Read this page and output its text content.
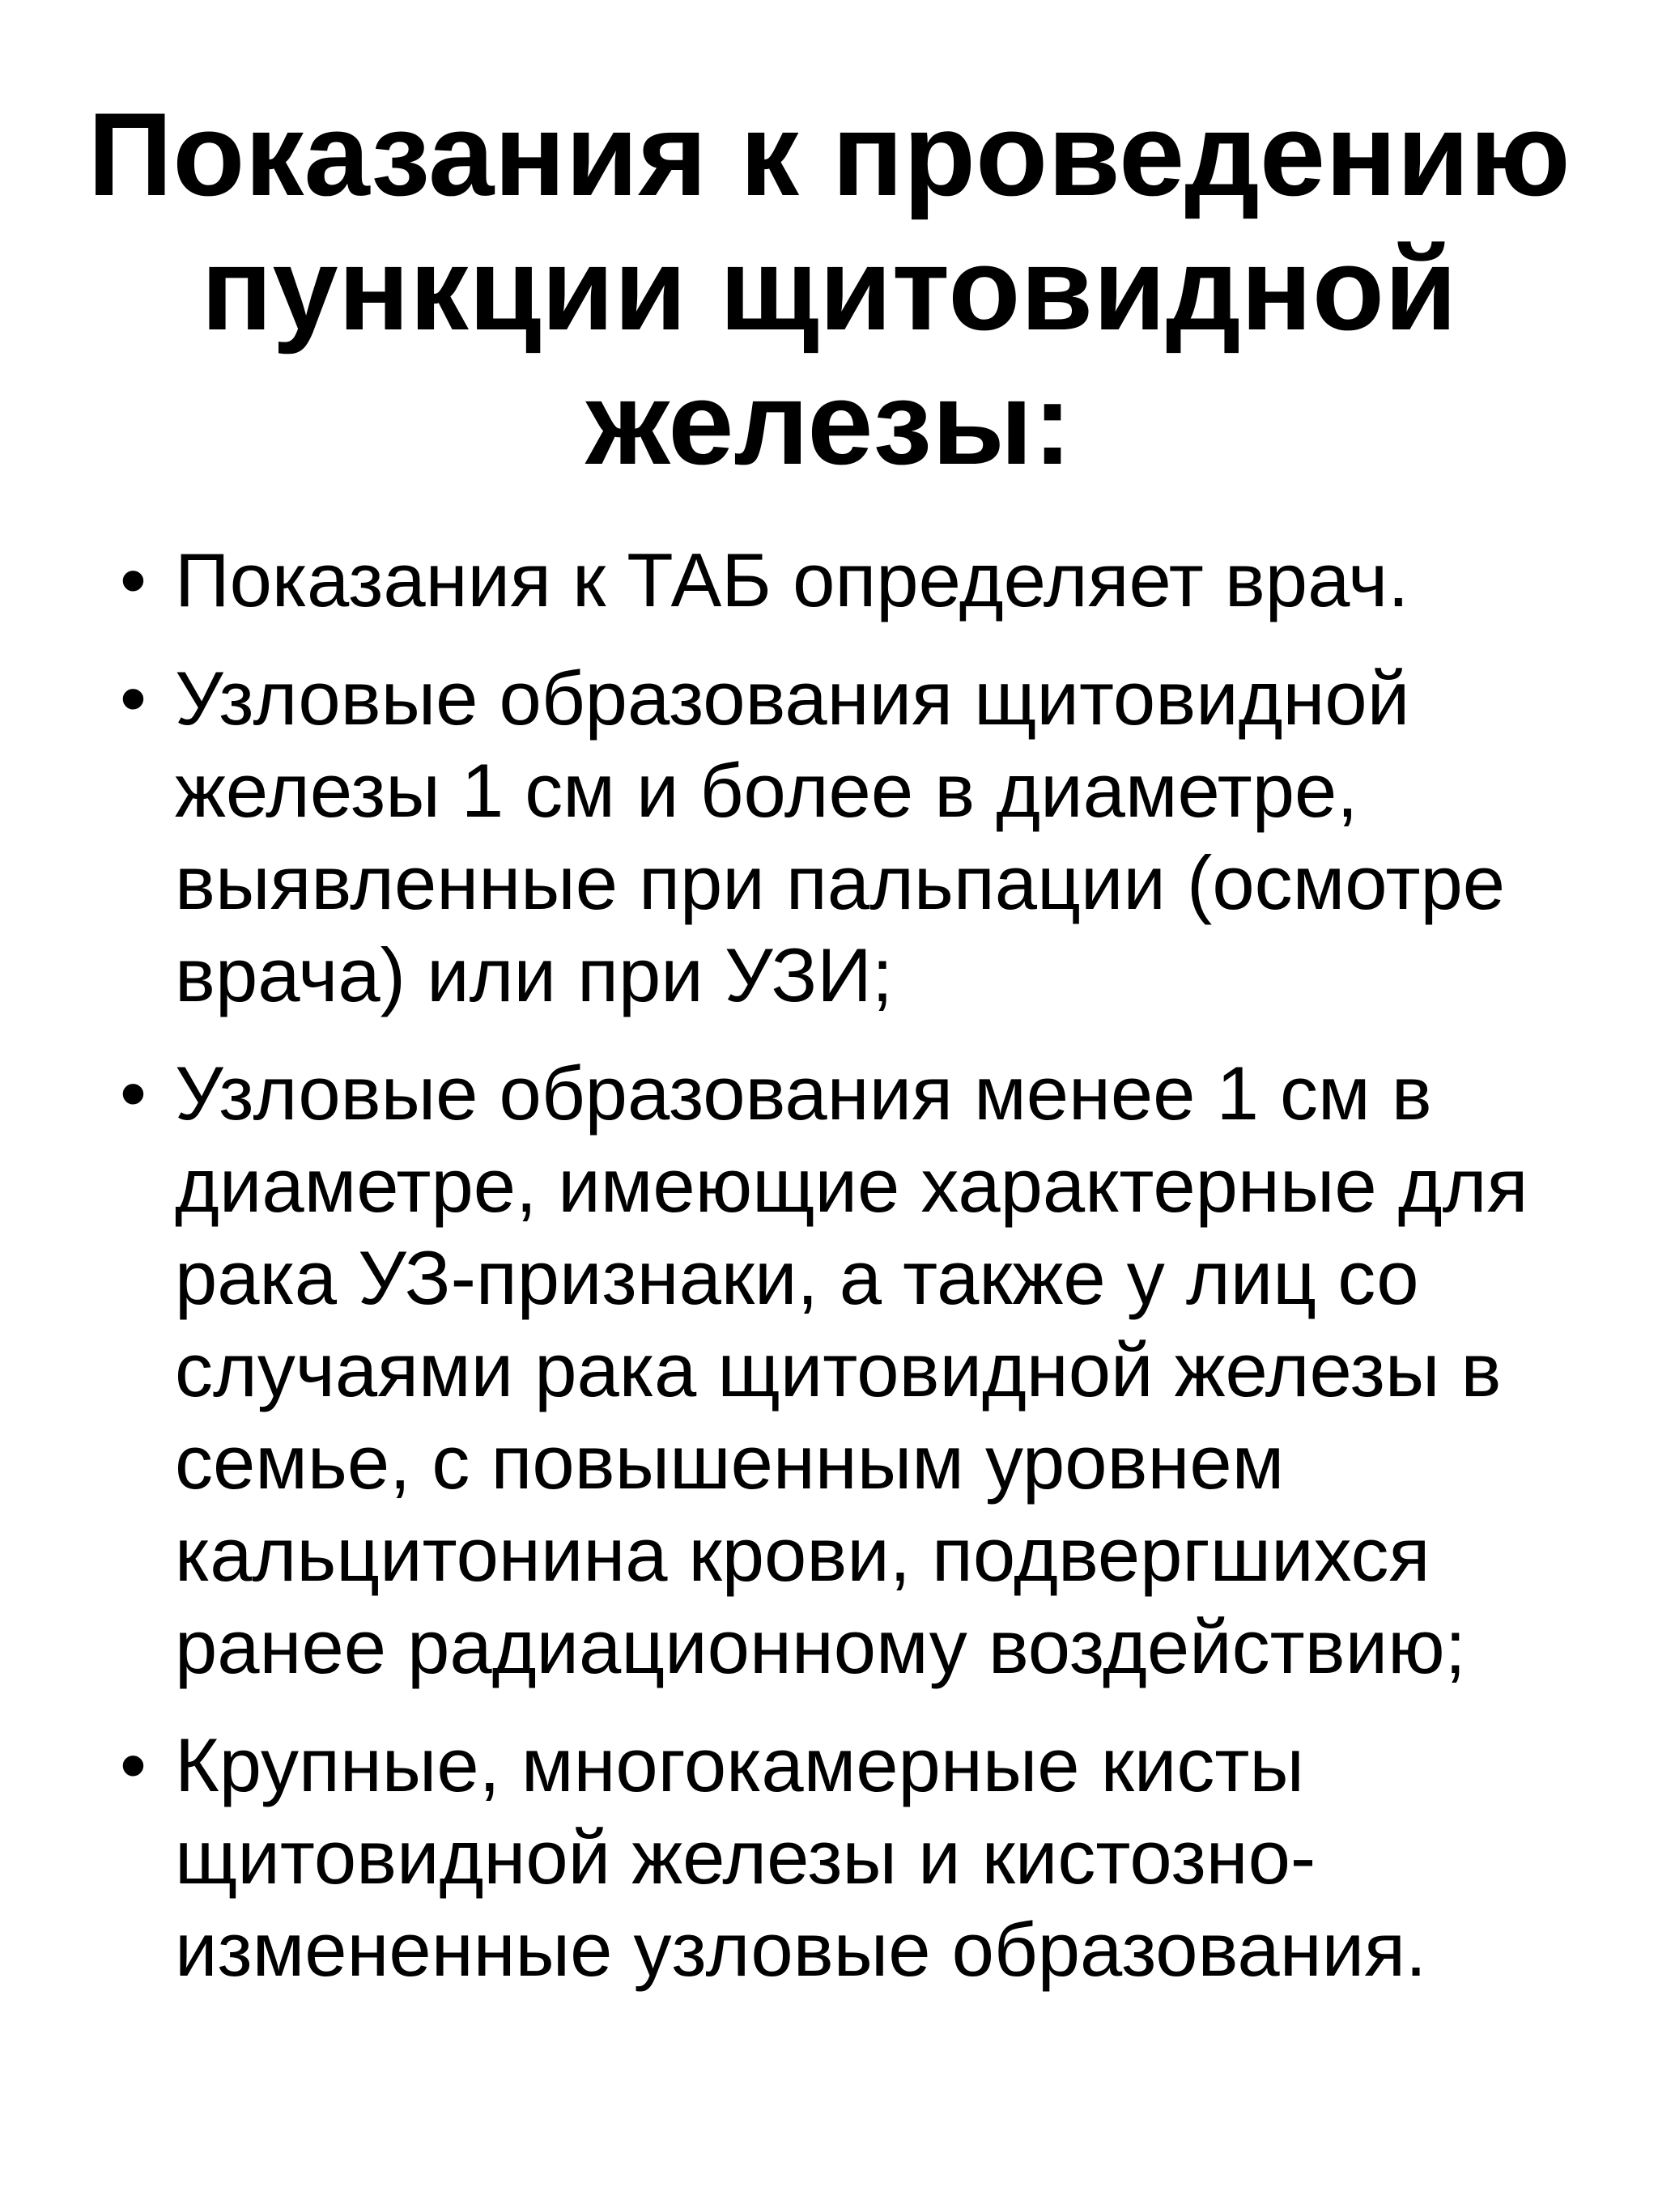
Показания к проведению
пункции щитовидной
железы:
• Показания к ТАБ определяет врач.
• Узловые образования щитовидной
железы 1 см и более в диаметре,
выявленные при пальпации (осмотре
врача) или при УЗИ;
• Узловые образования менее 1 см в
диаметре, имеющие характерные для
рака УЗ-признаки, а также у лиц со
случаями рака щитовидной железы в
семье, с повышенным уровнем
кальцитонина крови, подвергшихся
ранее радиационному воздействию;
• Крупные, многокамерные кисты
щитовидной железы и кистозно-
измененные узловые образования.
